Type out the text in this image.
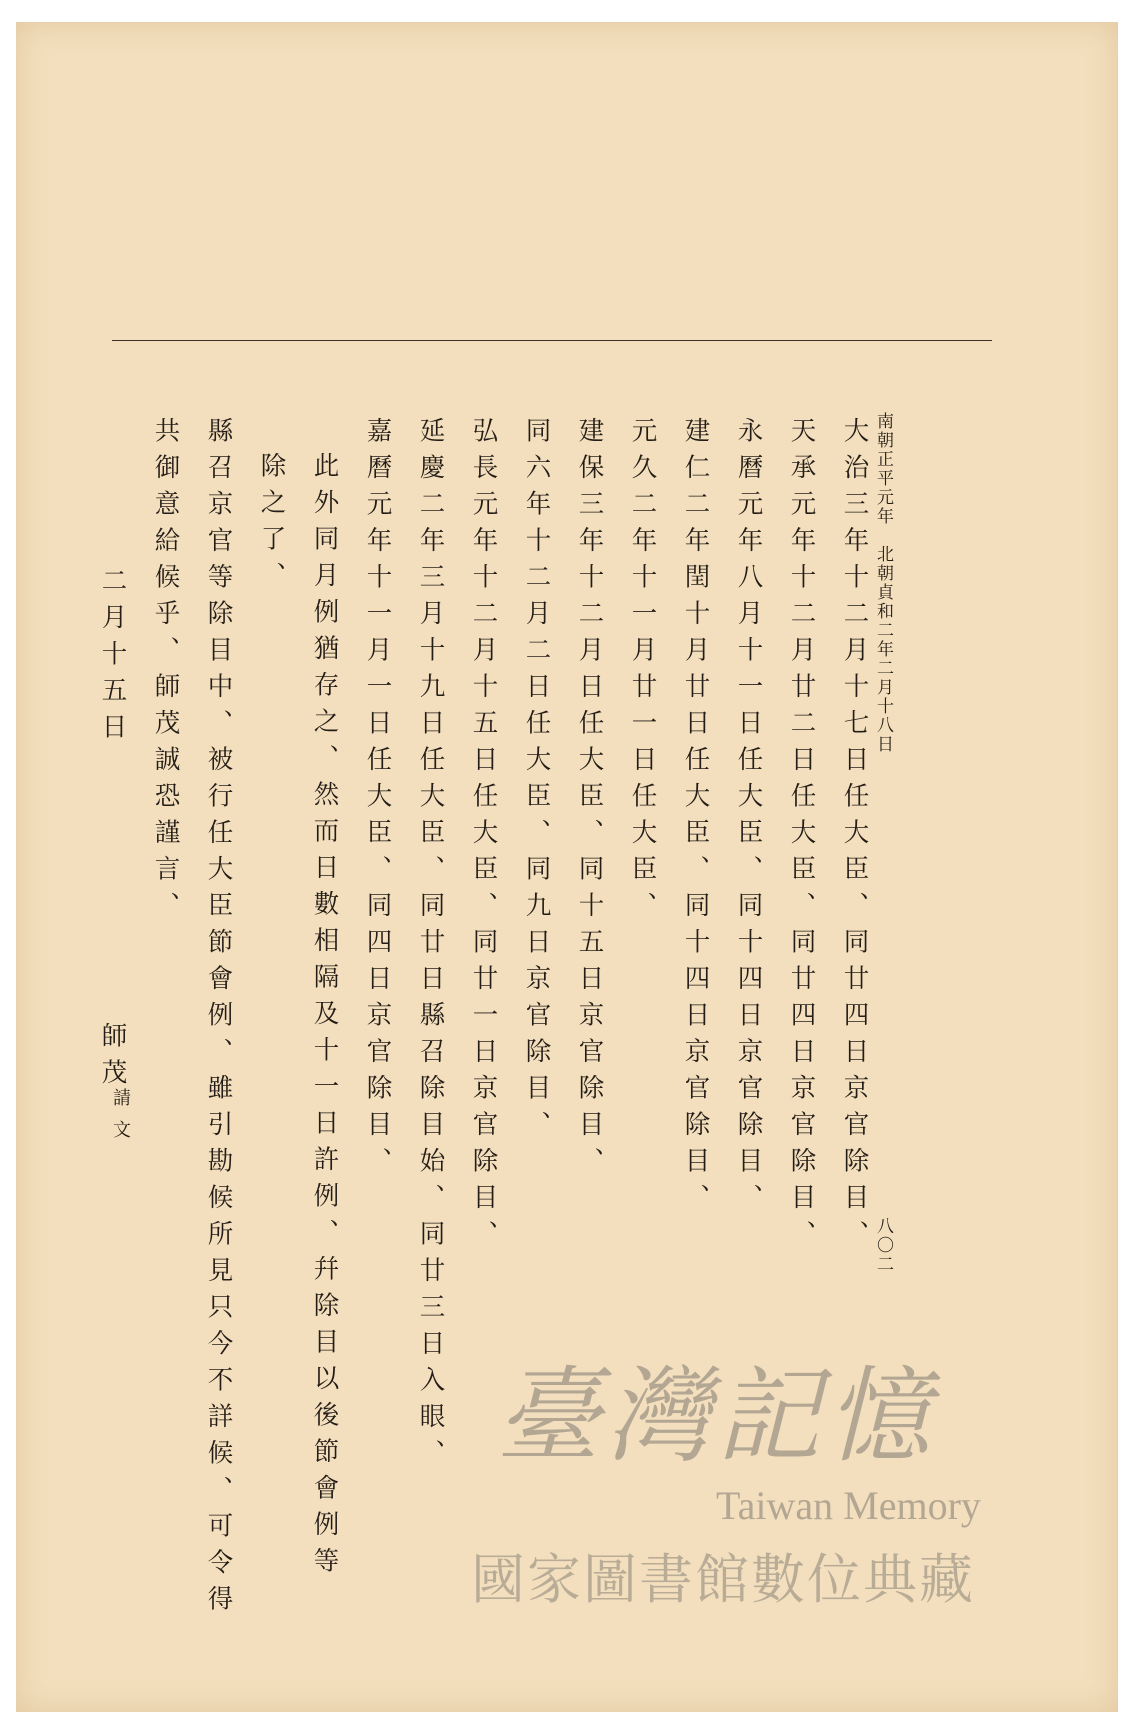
南朝正平元年　北朝貞和二年二月十八日

八〇二

大治三年十二月十七日任大臣、同廿四日京官除目、

天承元年十二月廿二日任大臣、同廿四日京官除目、

永曆元年八月十一日任大臣、同十四日京官除目、

建仁二年閏十月廿日任大臣、同十四日京官除目、

元久二年十一月廿一日任大臣、

建保三年十二月日任大臣、同十五日京官除目、

同六年十二月二日任大臣、同九日京官除目、

弘長元年十二月十五日任大臣、同廿一日京官除目、

延慶二年三月十九日任大臣、同廿日縣召除目始、同廿三日入眼、

嘉曆元年十一月一日任大臣、同四日京官除目、

此外同月例猶存之、然而日數相隔及十一日許例、幷除目以後節會例等

除之了、

縣召京官等除目中、被行任大臣節會例、雖引勘候所見只今不詳候、可令得

共御意給候乎、師茂誠恐謹言、

二月十五日

師茂

請

文

臺灣記憶
Taiwan Memory
國家圖書館數位典藏
